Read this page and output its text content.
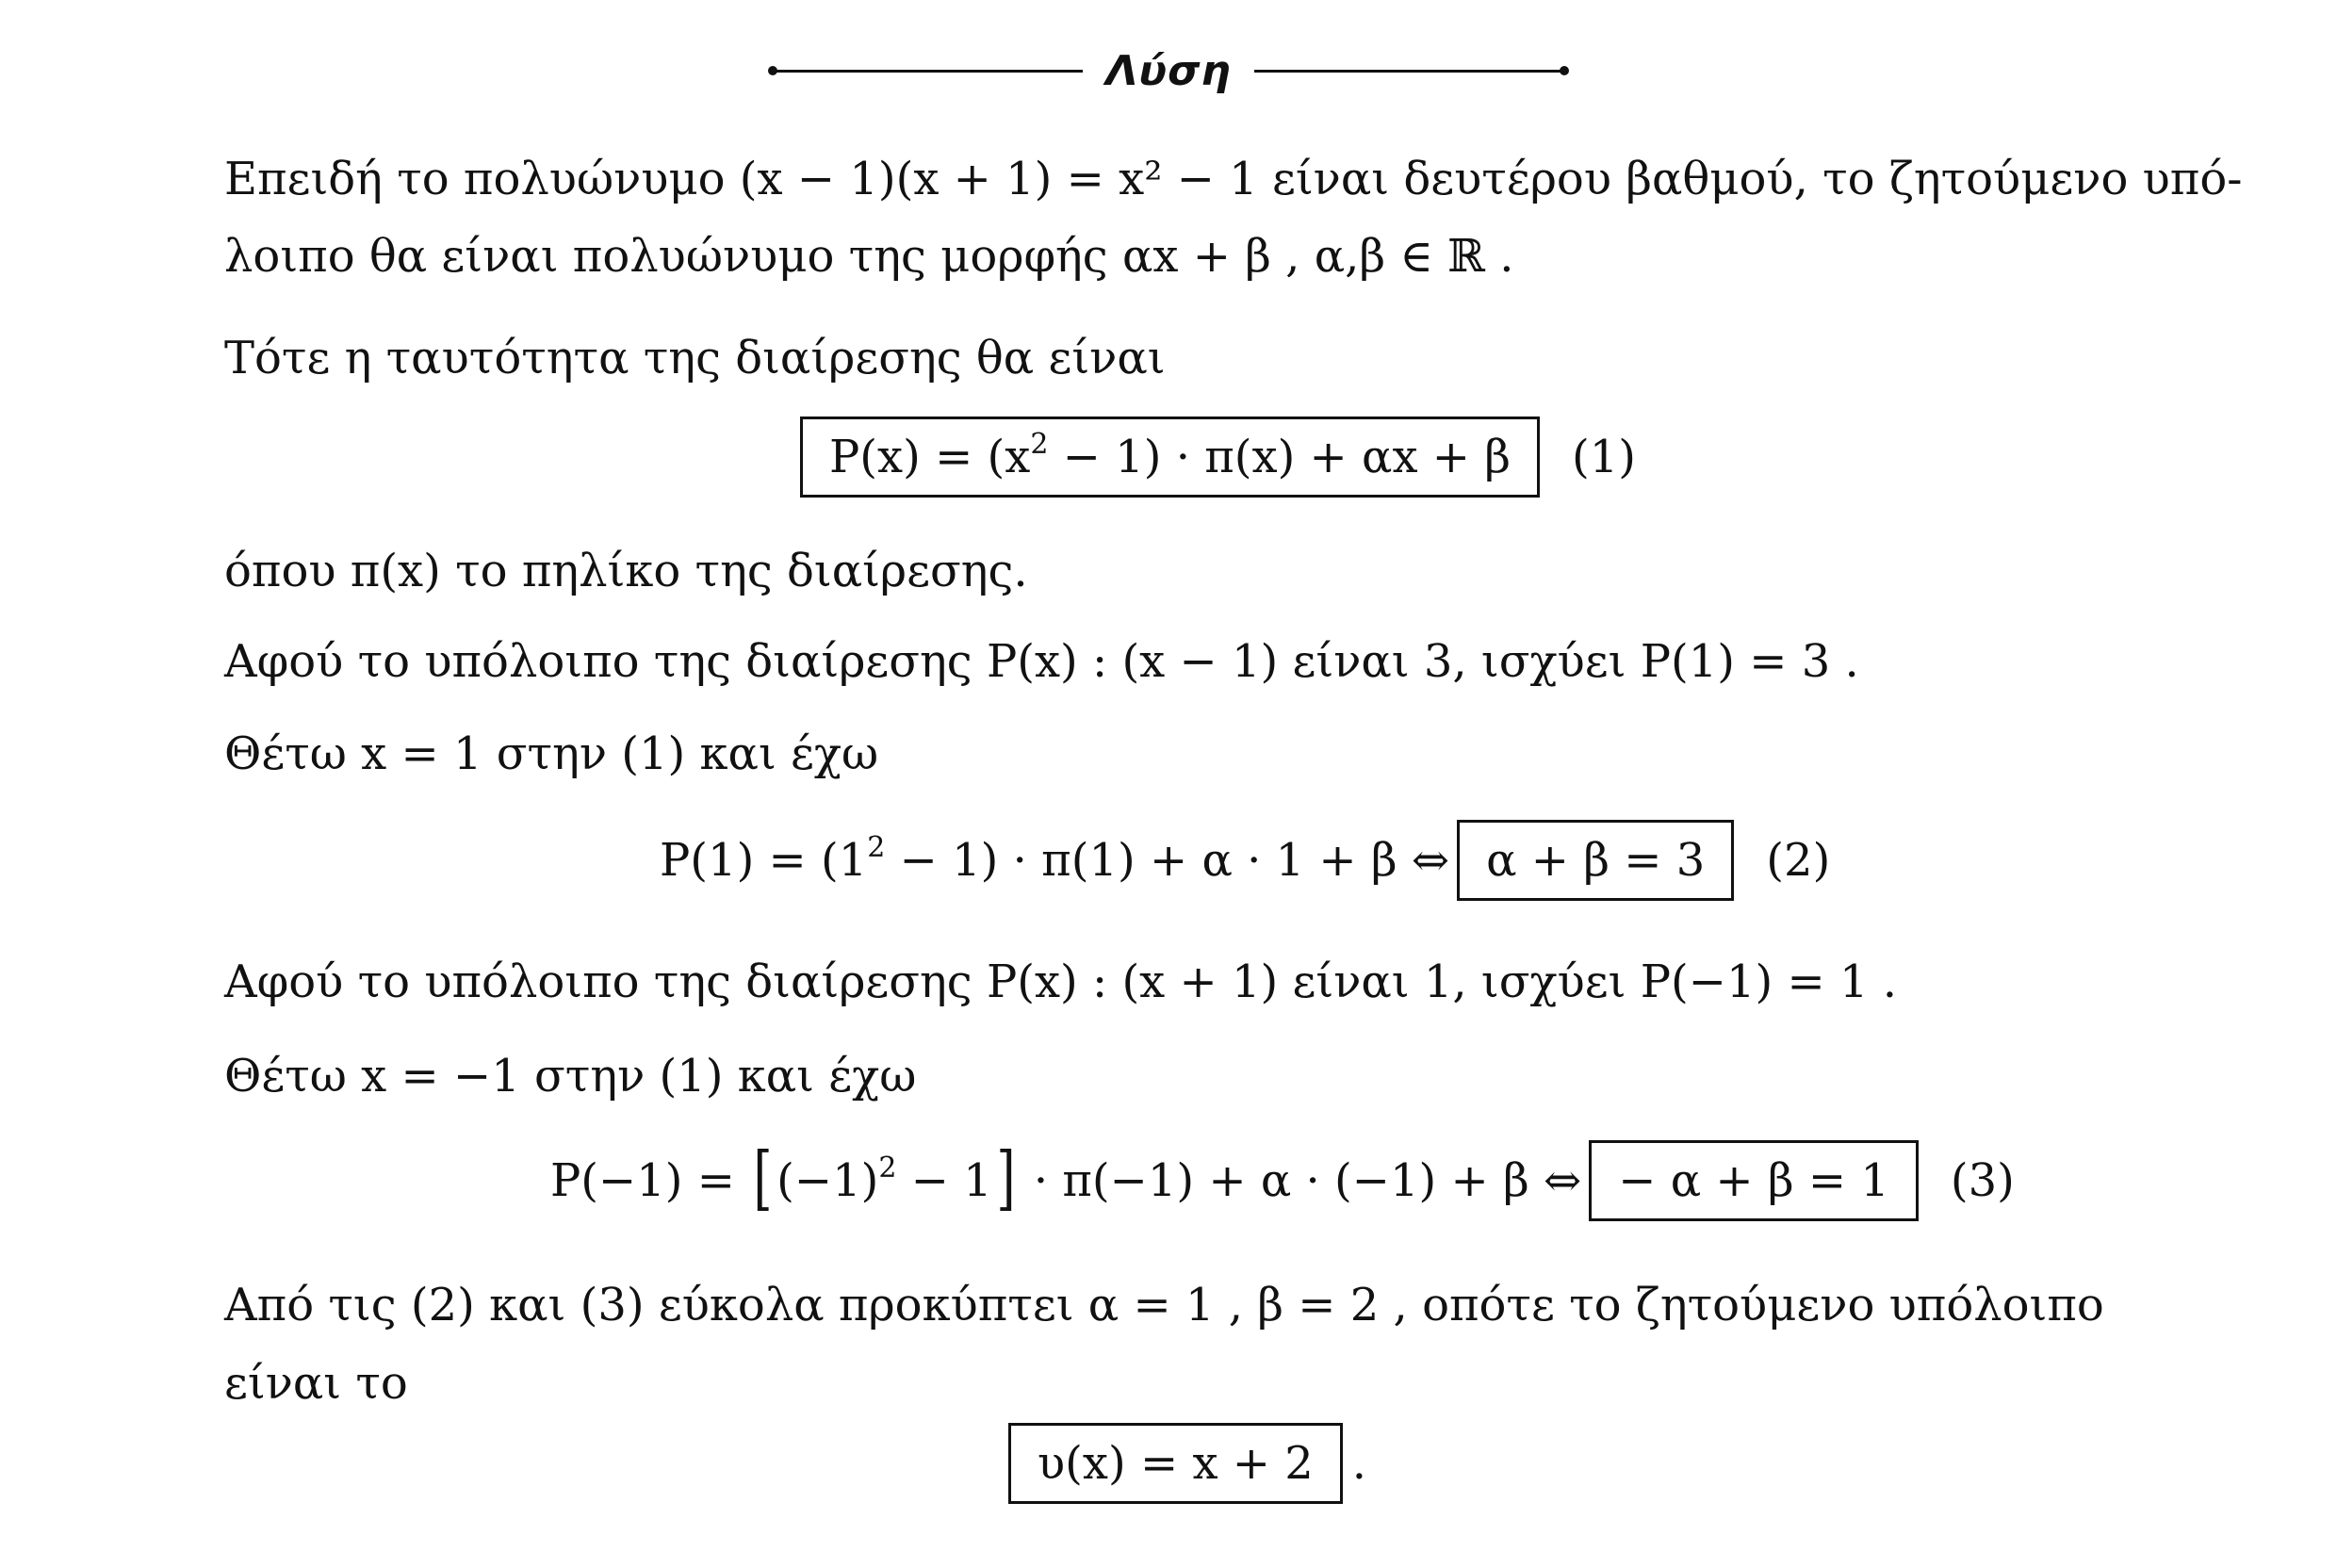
Λύση
Επειδή το πολυώνυμο (x − 1)(x + 1) = x² − 1 είναι δευτέρου βαθμού, το ζητούμενο υπό-
λοιπο θα είναι πολυώνυμο της μορφής αx + β , α,β ∈ ℝ .
Τότε η ταυτότητα της διαίρεσης θα είναι
$P(x) = (x^2 - 1) \cdot \pi(x) + \alpha x + \beta$	(1)
όπου π(x) το πηλίκο της διαίρεσης.
Αφού το υπόλοιπο της διαίρεσης P(x) : (x − 1) είναι 3, ισχύει P(1) = 3 .
Θέτω x = 1 στην (1) και έχω
$P(1) = (1^2 - 1) \cdot \pi(1) + \alpha \cdot 1 + \beta$ ⇔ α + β = 3	(2)
Αφού το υπόλοιπο της διαίρεσης P(x) : (x + 1) είναι 1, ισχύει P(−1) = 1 .
Θέτω x = −1 στην (1) και έχω
$P(-1) = [(-1)^2 - 1] \cdot \pi(-1) + \alpha \cdot (-1) + \beta$ ⇔ − α + β = 1	(3)
Από τις (2) και (3) εύκολα προκύπτει α = 1 , β = 2 , οπότε το ζητούμενο υπόλοιπο
είναι το
υ(x) = x + 2 .
